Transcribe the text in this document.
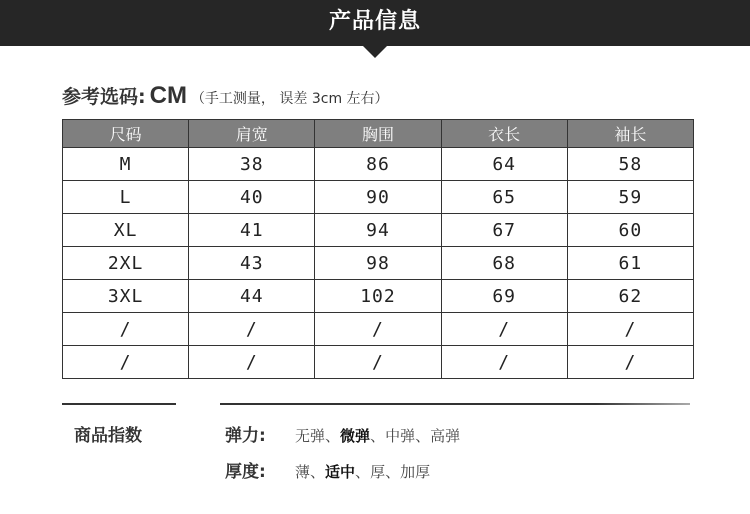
产品信息
参考选码: CM （手工测量， 误差 3cm 左右）
尺码	肩宽	胸围	衣长	袖长
M	38	86	64	58
L	40	90	65	59
XL	41	94	67	60
2XL	43	98	68	61
3XL	44	102	69	62
/	/	/	/	/
/	/	/	/	/
商品指数	弹力: 无弹、微弹、中弹、高弹
厚度: 薄、适中、厚、加厚
